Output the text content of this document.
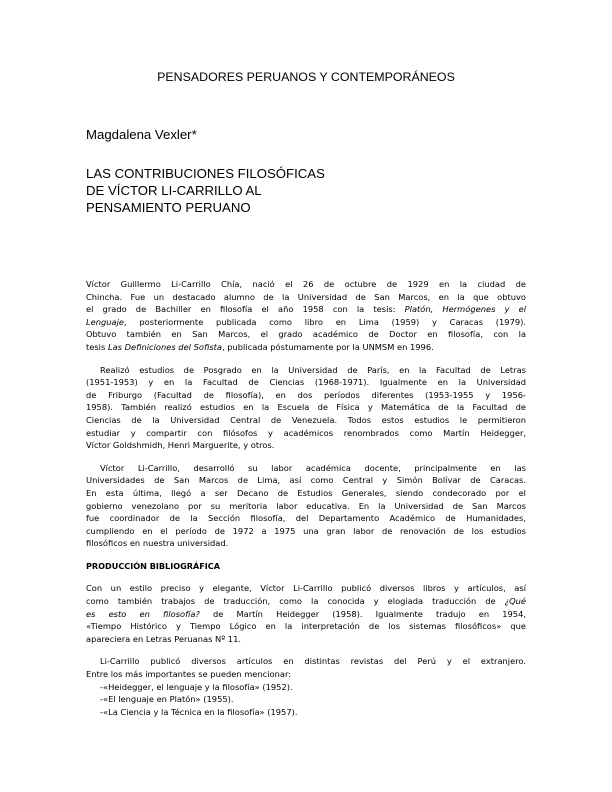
PENSADORES PERUANOS Y CONTEMPORÁNEOS
Magdalena Vexler*
LAS CONTRIBUCIONES FILOSÓFICAS
DE VÍCTOR LI-CARRILLO AL
PENSAMIENTO PERUANO
Víctor Guillermo Li-Carrillo Chía, nació el 26 de octubre de 1929 en la ciudad de
Chincha. Fue un destacado alumno de la Universidad de San Marcos, en la que obtuvo
el grado de Bachiller en filosofía el año 1958 con la tesis: Platón, Hermógenes y el
Lenguaje, posteriormente publicada como libro en Lima (1959) y Caracas (1979).
Obtuvo también en San Marcos, el grado académico de Doctor en filosofía, con la
tesis Las Definiciones del Sofista, publicada póstumamente por la UNMSM en 1996.
Realizó estudios de Posgrado en la Universidad de París, en la Facultad de Letras
(1951-1953) y en la Facultad de Ciencias (1968-1971). Igualmente en la Universidad
de Friburgo (Facultad de filosofía), en dos períodos diferentes (1953-1955 y 1956-
1958). También realizó estudios en la Escuela de Física y Matemática de la Facultad de
Ciencias de la Universidad Central de Venezuela. Todos estos estudios le permitieron
estudiar y compartir con filósofos y académicos renombrados como Martín Heidegger,
Víctor Goldshmidh, Henri Marguerite, y otros.
Víctor Li-Carrillo, desarrolló su labor académica docente, principalmente en las
Universidades de San Marcos de Lima, así como Central y Simón Bolívar de Caracas.
En esta última, llegó a ser Decano de Estudios Generales, siendo condecorado por el
gobierno venezolano por su meritoria labor educativa. En la Universidad de San Marcos
fue coordinador de la Sección filosofía, del Departamento Académico de Humanidades,
cumpliendo en el período de 1972 a 1975 una gran labor de renovación de los estudios
filosóficos en nuestra universidad.
PRODUCCIÓN BIBLIOGRÁFICA
Con un estilo preciso y elegante, Víctor Li-Carrillo publicó diversos libros y artículos, así
como también trabajos de traducción, como la conocida y elogiada traducción de ¿Qué
es esto en filosofía? de Martín Heidegger (1958). Igualmente tradujo en 1954,
«Tiempo Histórico y Tiempo Lógico en la interpretación de los sistemas filosóficos» que
apareciera en Letras Peruanas Nº 11.
Li-Carrillo publicó diversos artículos en distintas revistas del Perú y el extranjero.
Entre los más importantes se pueden mencionar:
-«Heidegger, el lenguaje y la filosofía» (1952).
-«El lenguaje en Platón» (1955).
-«La Ciencia y la Técnica en la filosofía» (1957).
